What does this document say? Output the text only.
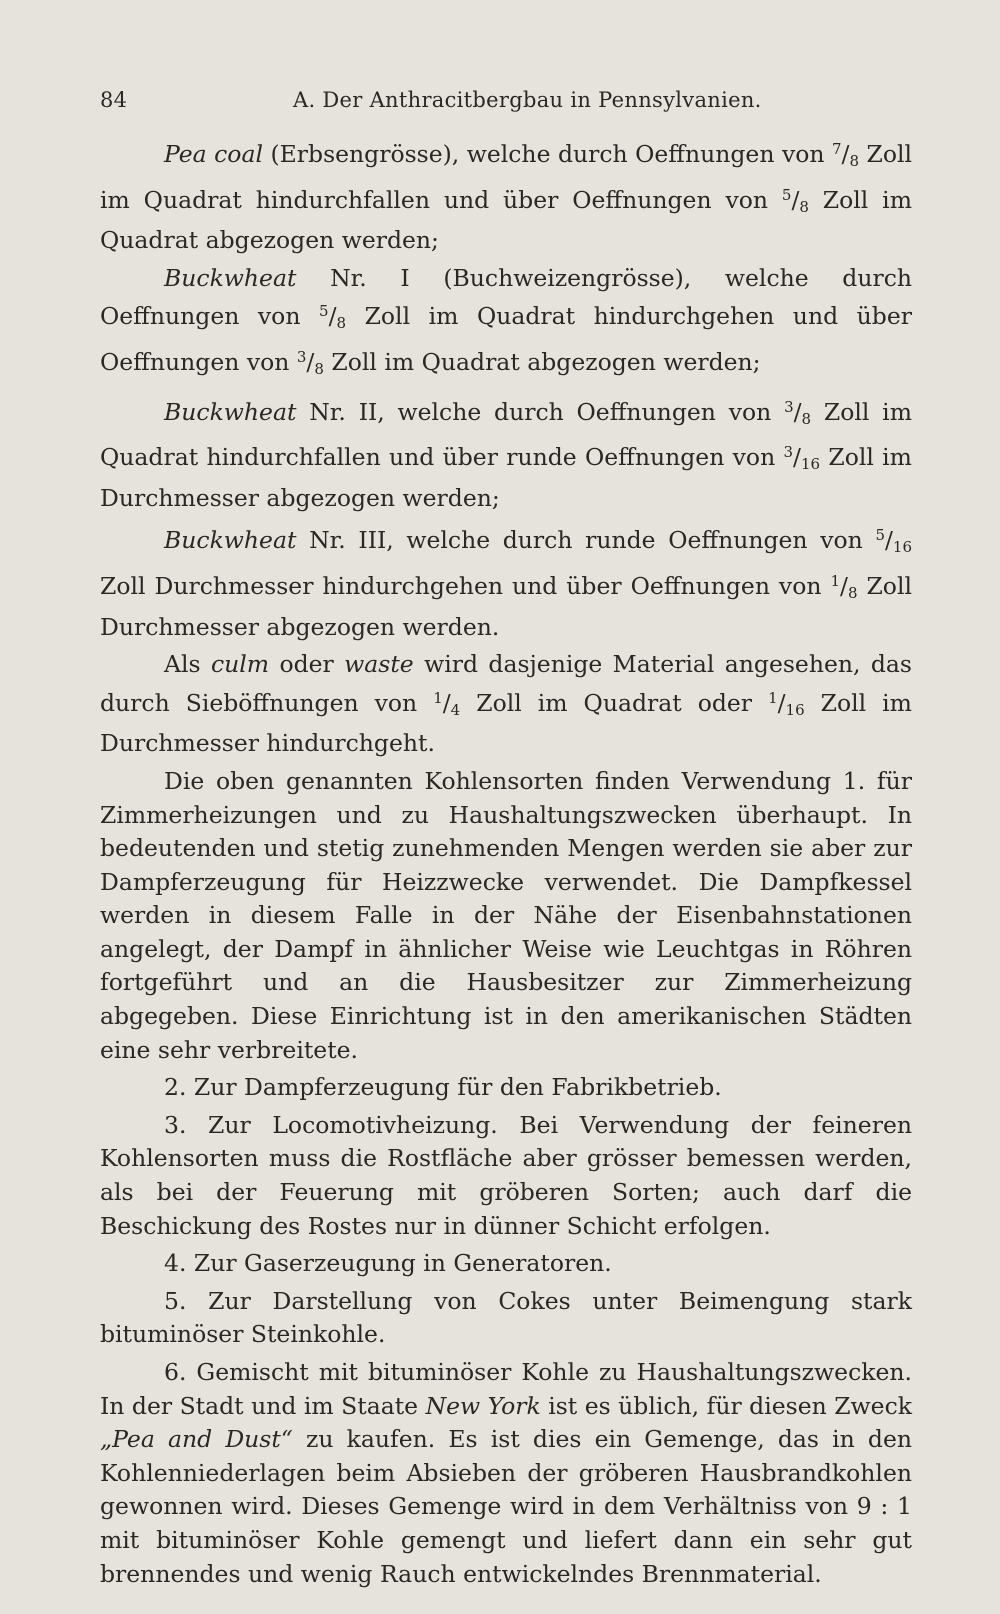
84	A. Der Anthracitbergbau in Pennsylvanien.

Pea coal (Erbsengrösse), welche durch Oeffnungen von $^7/_8$ Zoll im Quadrat hindurchfallen und über Oeffnungen von $^5/_8$ Zoll im Quadrat abgezogen werden;

Buckwheat Nr. I (Buchweizengrösse), welche durch Oeffnungen von $^5/_8$ Zoll im Quadrat hindurchgehen und über Oeffnungen von $^3/_8$ Zoll im Quadrat abgezogen werden;

Buckwheat Nr. II, welche durch Oeffnungen von $^3/_8$ Zoll im Quadrat hindurchfallen und über runde Oeffnungen von $^3/_{16}$ Zoll im Durchmesser abgezogen werden;

Buckwheat Nr. III, welche durch runde Oeffnungen von $^5/_{16}$ Zoll Durchmesser hindurchgehen und über Oeffnungen von $^1/_8$ Zoll Durchmesser abgezogen werden.

Als culm oder waste wird dasjenige Material angesehen, das durch Sieböffnungen von $^1/_4$ Zoll im Quadrat oder $^1/_{16}$ Zoll im Durchmesser hindurchgeht.

Die oben genannten Kohlensorten finden Verwendung 1. für Zimmerheizungen und zu Haushaltungszwecken überhaupt. In bedeutenden und stetig zunehmenden Mengen werden sie aber zur Dampferzeugung für Heizzwecke verwendet. Die Dampfkessel werden in diesem Falle in der Nähe der Eisenbahnstationen angelegt, der Dampf in ähnlicher Weise wie Leuchtgas in Röhren fortgeführt und an die Hausbesitzer zur Zimmerheizung abgegeben. Diese Einrichtung ist in den amerikanischen Städten eine sehr verbreitete.

2. Zur Dampferzeugung für den Fabrikbetrieb.

3. Zur Locomotivheizung. Bei Verwendung der feineren Kohlensorten muss die Rostfläche aber grösser bemessen werden, als bei der Feuerung mit gröberen Sorten; auch darf die Beschickung des Rostes nur in dünner Schicht erfolgen.

4. Zur Gaserzeugung in Generatoren.

5. Zur Darstellung von Cokes unter Beimengung stark bituminöser Steinkohle.

6. Gemischt mit bituminöser Kohle zu Haushaltungszwecken. In der Stadt und im Staate New York ist es üblich, für diesen Zweck „Pea and Dust“ zu kaufen. Es ist dies ein Gemenge, das in den Kohlenniederlagen beim Absieben der gröberen Hausbrandkohlen gewonnen wird. Dieses Gemenge wird in dem Verhältniss von 9 : 1 mit bituminöser Kohle gemengt und liefert dann ein sehr gut brennendes und wenig Rauch entwickelndes Brennmaterial.
